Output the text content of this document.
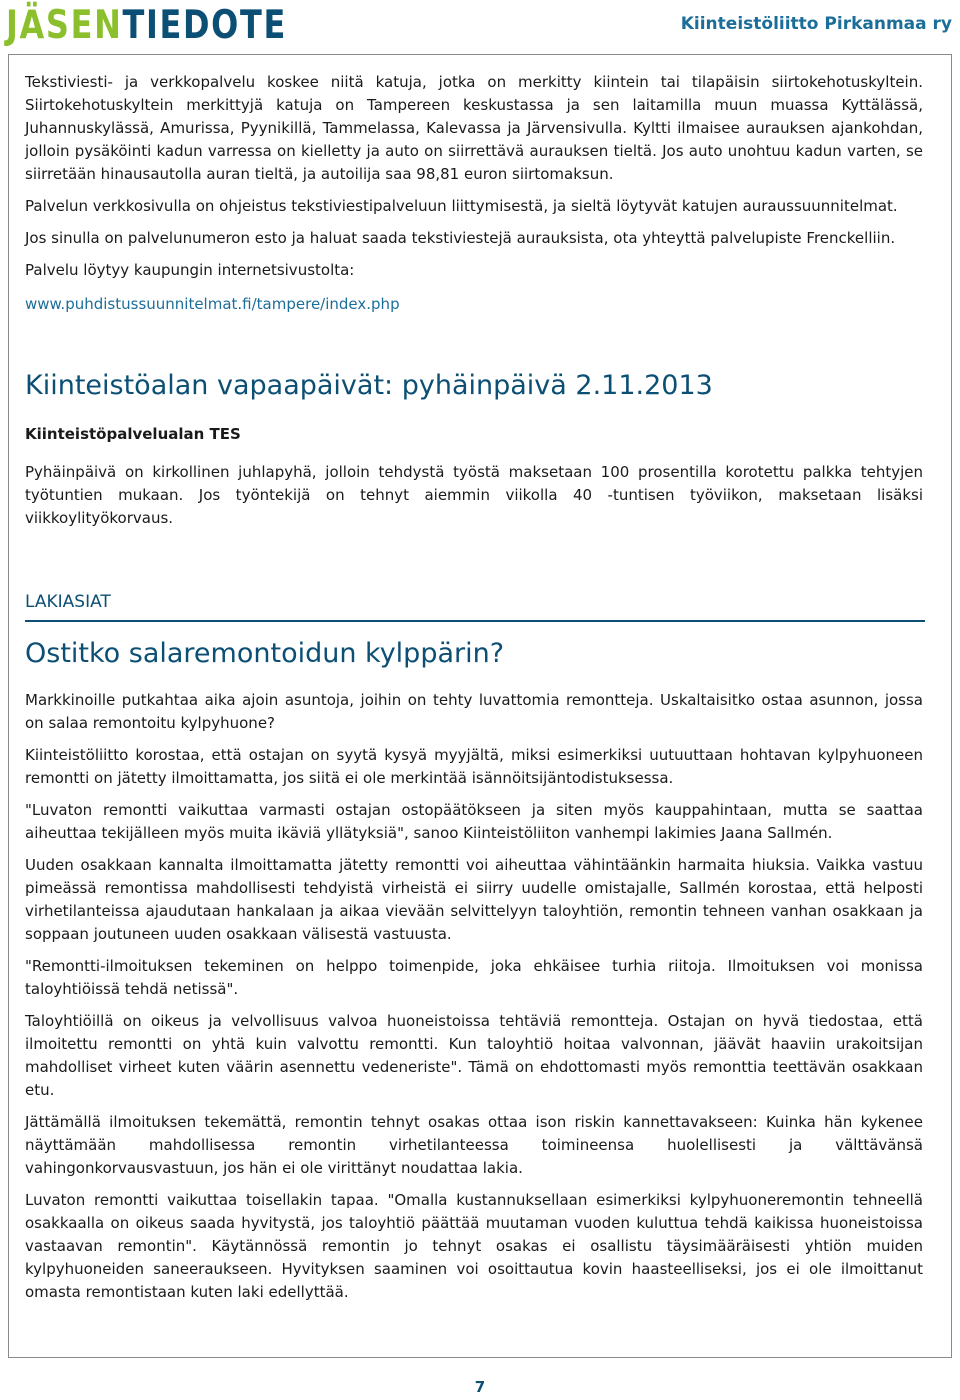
JÄSENTIEDOTE	Kiinteistöliitto Pirkanmaa ry

Tekstiviesti- ja verkkopalvelu koskee niitä katuja, jotka on merkitty kiintein tai tilapäisin siirtokehotuskyltein. Siirtokehotuskyltein merkittyjä katuja on Tampereen keskustassa ja sen laitamilla muun muassa Kyttälässä, Juhannuskylässä, Amurissa, Pyynikillä, Tammelassa, Kalevassa ja Järvensivulla. Kyltti ilmaisee aurauksen ajankohdan, jolloin pysäköinti kadun varressa on kielletty ja auto on siirrettävä aurauksen tieltä. Jos auto unohtuu kadun varten, se siirretään hinausautolla auran tieltä, ja autoilija saa 98,81 euron siirtomaksun.

Palvelun verkkosivulla on ohjeistus tekstiviestipalveluun liittymisestä, ja sieltä löytyvät katujen auraussuunnitelmat.

Jos sinulla on palvelunumeron esto ja haluat saada tekstiviestejä aurauksista, ota yhteyttä palvelupiste Frenckelliin.

Palvelu löytyy kaupungin internetsivustolta:

www.puhdistussuunnitelmat.fi/tampere/index.php

Kiinteistöalan vapaapäivät: pyhäinpäivä 2.11.2013

Kiinteistöpalvelualan TES

Pyhäinpäivä on kirkollinen juhlapyhä, jolloin tehdystä työstä maksetaan 100 prosentilla korotettu palkka tehtyjen työtuntien mukaan. Jos työntekijä on tehnyt aiemmin viikolla 40 -tuntisen työviikon, maksetaan lisäksi viikkoylityökorvaus.

LAKIASIAT
Ostitko salaremontoidun kylppärin?

Markkinoille putkahtaa aika ajoin asuntoja, joihin on tehty luvattomia remontteja. Uskaltaisitko ostaa asunnon, jossa on salaa remontoitu kylpyhuone?

Kiinteistöliitto korostaa, että ostajan on syytä kysyä myyjältä, miksi esimerkiksi uutuuttaan hohtavan kylpyhuoneen remontti on jätetty ilmoittamatta, jos siitä ei ole merkintää isännöitsijäntodistuksessa.

"Luvaton remontti vaikuttaa varmasti ostajan ostopäätökseen ja siten myös kauppahintaan, mutta se saattaa aiheuttaa tekijälleen myös muita ikäviä yllätyksiä", sanoo Kiinteistöliiton vanhempi lakimies Jaana Sallmén.

Uuden osakkaan kannalta ilmoittamatta jätetty remontti voi aiheuttaa vähintäänkin harmaita hiuksia. Vaikka vastuu pimeässä remontissa mahdollisesti tehdyistä virheistä ei siirry uudelle omistajalle, Sallmén korostaa, että helposti virhetilanteissa ajaudutaan hankalaan ja aikaa vievään selvittelyyn taloyhtiön, remontin tehneen vanhan osakkaan ja soppaan joutuneen uuden osakkaan välisestä vastuusta.

"Remontti-ilmoituksen tekeminen on helppo toimenpide, joka ehkäisee turhia riitoja. Ilmoituksen voi monissa taloyhtiöissä tehdä netissä".

Taloyhtiöillä on oikeus ja velvollisuus valvoa huoneistoissa tehtäviä remontteja. Ostajan on hyvä tiedostaa, että ilmoitettu remontti on yhtä kuin valvottu remontti. Kun taloyhtiö hoitaa valvonnan, jäävät haaviin urakoitsijan mahdolliset virheet kuten väärin asennettu vedeneriste". Tämä on ehdottomasti myös remonttia teettävän osakkaan etu.

Jättämällä ilmoituksen tekemättä, remontin tehnyt osakas ottaa ison riskin kannettavakseen: Kuinka hän kykenee näyttämään mahdollisessa remontin virhetilanteessa toimineensa huolellisesti ja välttävänsä vahingonkorvausvastuun, jos hän ei ole virittänyt noudattaa lakia.

Luvaton remontti vaikuttaa toisellakin tapaa. "Omalla kustannuksellaan esimerkiksi kylpyhuoneremontin tehneellä osakkaalla on oikeus saada hyvitystä, jos taloyhtiö päättää muutaman vuoden kuluttua tehdä kaikissa huoneistoissa vastaavan remontin". Käytännössä remontin jo tehnyt osakas ei osallistu täysimääräisesti yhtiön muiden kylpyhuoneiden saneeraukseen. Hyvityksen saaminen voi osoittautua kovin haasteelliseksi, jos ei ole ilmoittanut omasta remontistaan kuten laki edellyttää.

7
